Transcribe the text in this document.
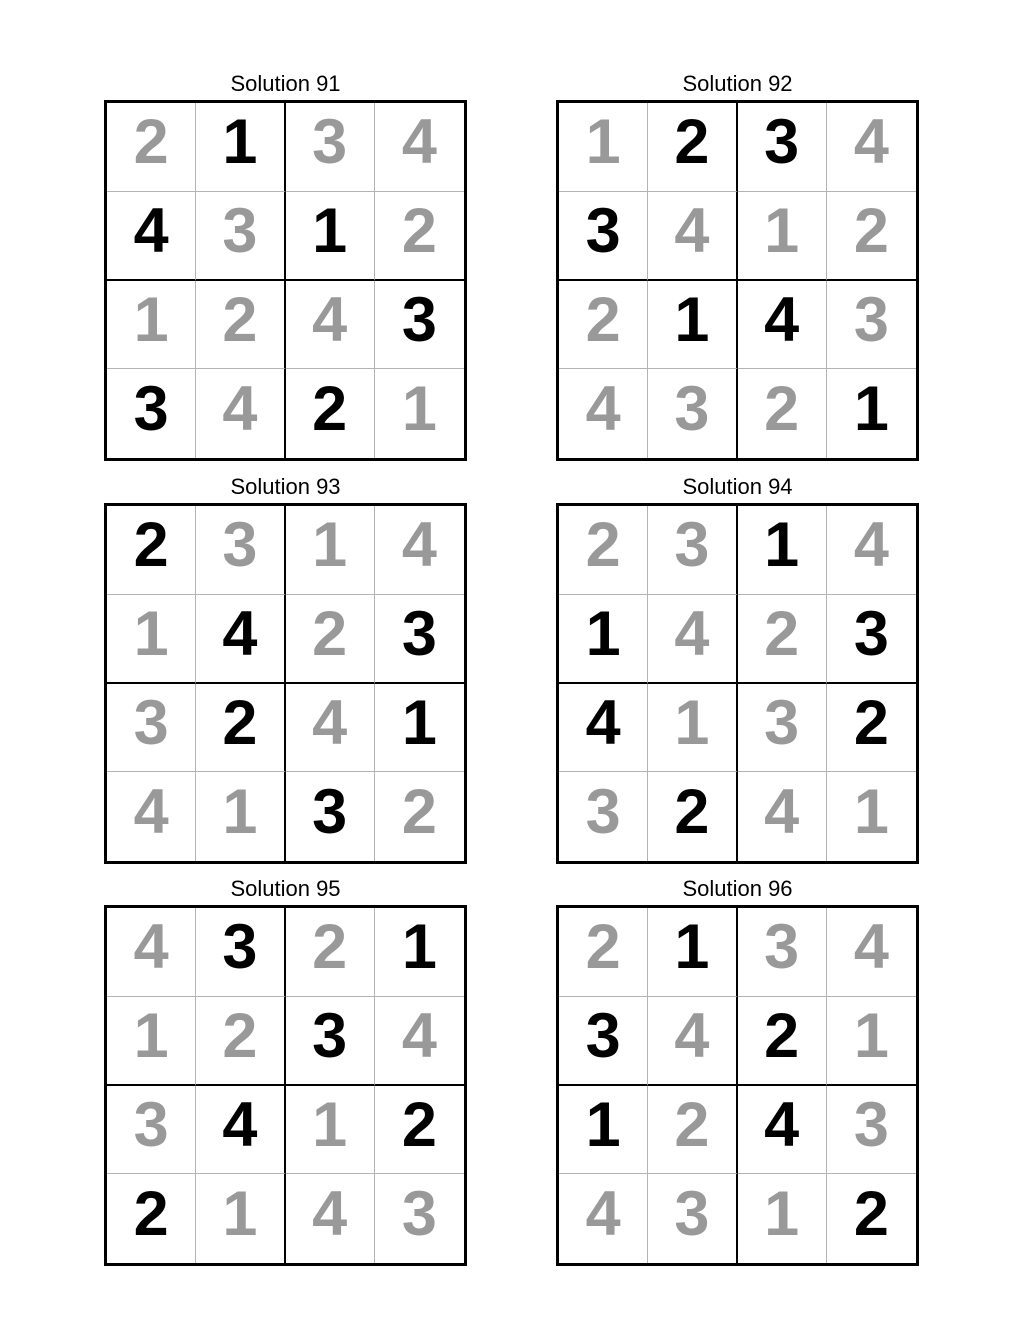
Solution 91
2 1 3 4
4 3 1 2
1 2 4 3
3 4 2 1
Solution 92
1 2 3 4
3 4 1 2
2 1 4 3
4 3 2 1
Solution 93
2 3 1 4
1 4 2 3
3 2 4 1
4 1 3 2
Solution 94
2 3 1 4
1 4 2 3
4 1 3 2
3 2 4 1
Solution 95
4 3 2 1
1 2 3 4
3 4 1 2
2 1 4 3
Solution 96
2 1 3 4
3 4 2 1
1 2 4 3
4 3 1 2
